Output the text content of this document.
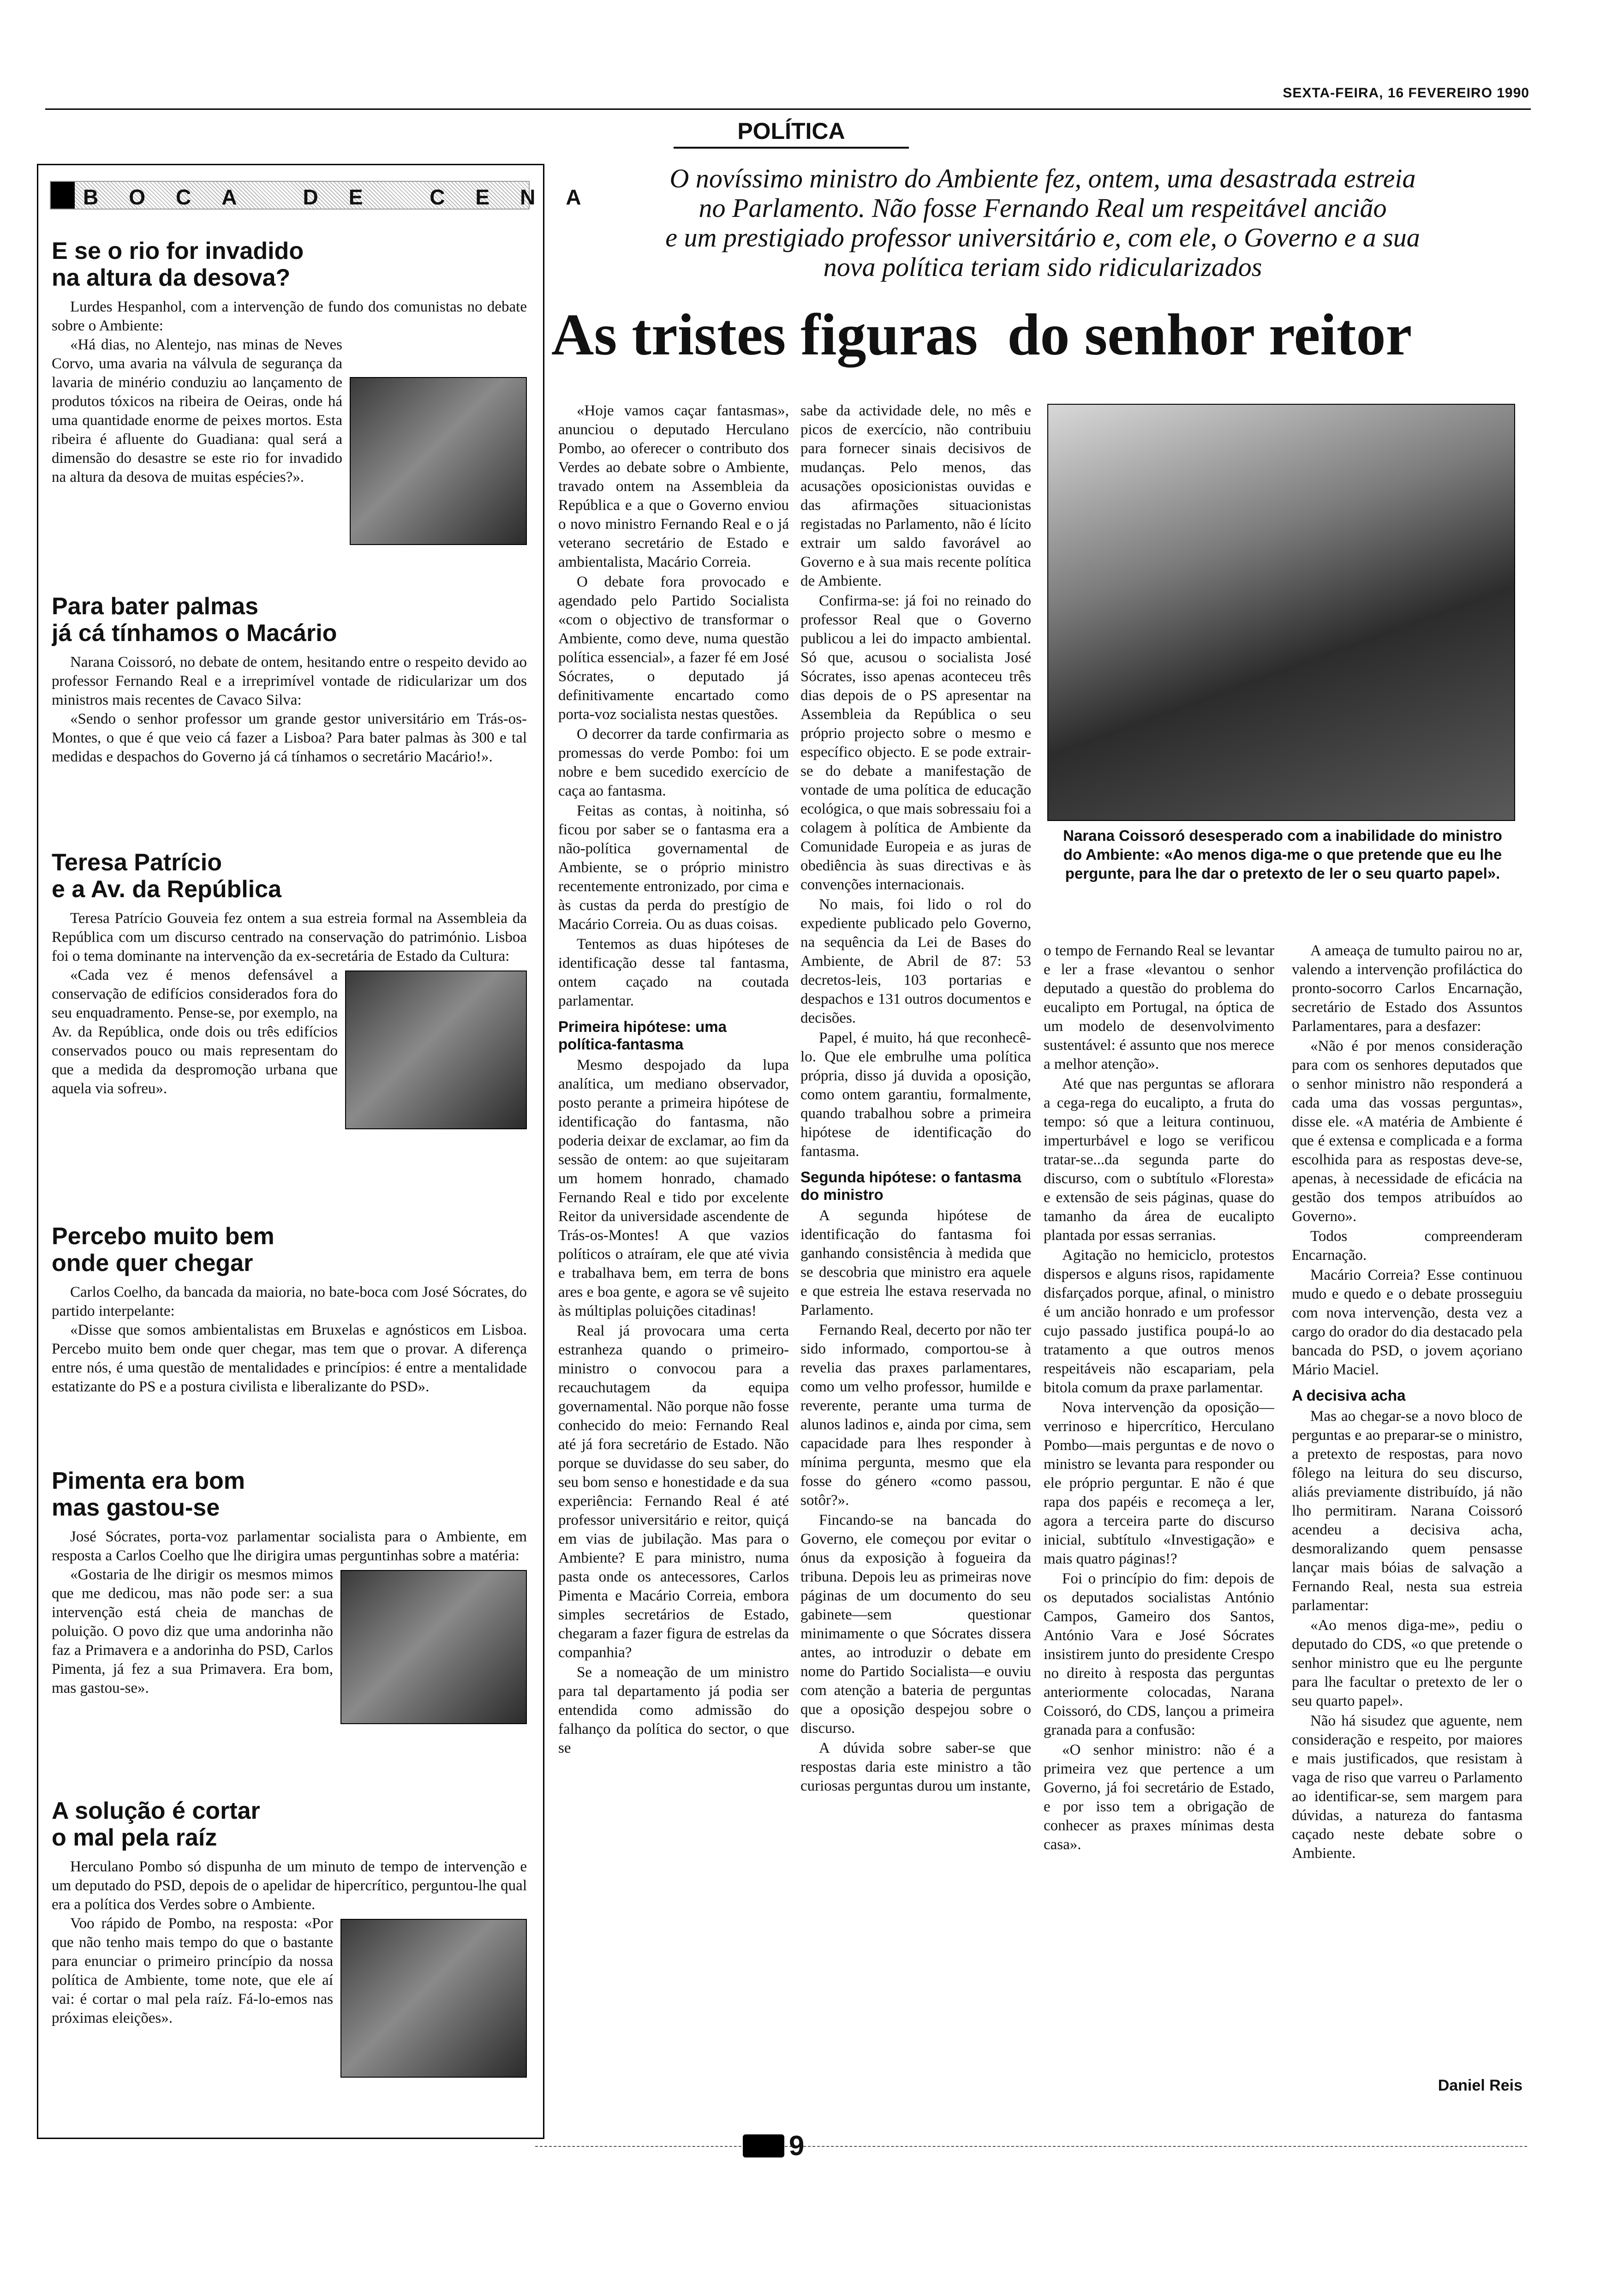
SEXTA-FEIRA, 16 FEVEREIRO 1990
POLÍTICA
BOCA DE CENA

E se o rio for invadido

na altura da desova?

Lurdes Hespanhol, com a intervenção de fundo dos comunistas no debate sobre o Ambiente:

«Há dias, no Alentejo, nas minas de Neves Corvo, uma avaria na válvula de segurança da lavaria de minério conduziu ao lançamento de produtos tóxicos na ribeira de Oeiras, onde há uma quantidade enorme de peixes mortos. Esta ribeira é afluente do Guadiana: qual será a dimensão do desastre se este rio for invadido na altura da desova de muitas espécies?».

Para bater palmas

já cá tínhamos o Macário

Narana Coissoró, no debate de ontem, hesitando entre o respeito devido ao professor Fernando Real e a irreprimível vontade de ridicularizar um dos ministros mais recentes de Cavaco Silva:

«Sendo o senhor professor um grande gestor universitário em Trás-os-Montes, o que é que veio cá fazer a Lisboa? Para bater palmas às 300 e tal medidas e despachos do Governo já cá tínhamos o secretário Macário!».

Teresa Patrício

e a Av. da República

Teresa Patrício Gouveia fez ontem a sua estreia formal na Assembleia da República com um discurso centrado na conservação do património. Lisboa foi o tema dominante na intervenção da ex-secretária de Estado da Cultura:

«Cada vez é menos defensável a conservação de edifícios considerados fora do seu enquadramento. Pense-se, por exemplo, na Av. da República, onde dois ou três edifícios conservados pouco ou mais representam do que a medida da despromoção urbana que aquela via sofreu».

Percebo muito bem

onde quer chegar

Carlos Coelho, da bancada da maioria, no bate-boca com José Sócrates, do partido interpelante:

«Disse que somos ambientalistas em Bruxelas e agnósticos em Lisboa. Percebo muito bem onde quer chegar, mas tem que o provar. A diferença entre nós, é uma questão de mentalidades e princípios: é entre a mentalidade estatizante do PS e a postura civilista e liberalizante do PSD».

Pimenta era bom

mas gastou-se

José Sócrates, porta-voz parlamentar socialista para o Ambiente, em resposta a Carlos Coelho que lhe dirigira umas perguntinhas sobre a matéria:

«Gostaria de lhe dirigir os mesmos mimos que me dedicou, mas não pode ser: a sua intervenção está cheia de manchas de poluição. O povo diz que uma andorinha não faz a Primavera e a andorinha do PSD, Carlos Pimenta, já fez a sua Primavera. Era bom, mas gastou-se».

A solução é cortar

o mal pela raíz

Herculano Pombo só dispunha de um minuto de tempo de intervenção e um deputado do PSD, depois de o apelidar de hipercrítico, perguntou-lhe qual era a política dos Verdes sobre o Ambiente.

Voo rápido de Pombo, na resposta: «Por que não tenho mais tempo do que o bastante para enunciar o primeiro princípio da nossa política de Ambiente, tome note, que ele aí vai: é cortar o mal pela raíz. Fá-lo-emos nas próximas eleições».

O novíssimo ministro do Ambiente fez, ontem, uma desastrada estreia
no Parlamento. Não fosse Fernando Real um respeitável ancião
e um prestigiado professor universitário e, com ele, o Governo e a sua
nova política teriam sido ridicularizados
As tristes figuras  do senhor reitor
Narana Coissoró desesperado com a inabilidade do ministro do Ambiente: «Ao menos diga-me o que pretende que eu lhe pergunte, para lhe dar o pretexto de ler o seu quarto papel».

«Hoje vamos caçar fantasmas», anunciou o deputado Herculano Pombo, ao oferecer o contributo dos Verdes ao debate sobre o Ambiente, travado ontem na Assembleia da República e a que o Governo enviou o novo ministro Fernando Real e o já veterano secretário de Estado e ambientalista, Macário Correia.

O debate fora provocado e agendado pelo Partido Socialista «com o objectivo de transformar o Ambiente, como deve, numa questão política essencial», a fazer fé em José Sócrates, o deputado já definitivamente encartado como porta-voz socialista nestas questões.

O decorrer da tarde confirmaria as promessas do verde Pombo: foi um nobre e bem sucedido exercício de caça ao fantasma.

Feitas as contas, à noitinha, só ficou por saber se o fantasma era a não-política governamental de Ambiente, se o próprio ministro recentemente entronizado, por cima e às custas da perda do prestígio de Macário Correia. Ou as duas coisas.

Tentemos as duas hipóteses de identificação desse tal fantasma, ontem caçado na coutada parlamentar.

Primeira hipótese: uma política-fantasma

Mesmo despojado da lupa analítica, um mediano observador, posto perante a primeira hipótese de identificação do fantasma, não poderia deixar de exclamar, ao fim da sessão de ontem: ao que sujeitaram um homem honrado, chamado Fernando Real e tido por excelente Reitor da universidade ascendente de Trás-os-Montes! A que vazios políticos o atraíram, ele que até vivia e trabalhava bem, em terra de bons ares e boa gente, e agora se vê sujeito às múltiplas poluições citadinas!

Real já provocara uma certa estranheza quando o primeiro-ministro o convocou para a recauchutagem da equipa governamental. Não porque não fosse conhecido do meio: Fernando Real até já fora secretário de Estado. Não porque se duvidasse do seu saber, do seu bom senso e honestidade e da sua experiência: Fernando Real é até professor universitário e reitor, quiçá em vias de jubilação. Mas para o Ambiente? E para ministro, numa pasta onde os antecessores, Carlos Pimenta e Macário Correia, embora simples secretários de Estado, chegaram a fazer figura de estrelas da companhia?

Se a nomeação de um ministro para tal departamento já podia ser entendida como admissão do falhanço da política do sector, o que se

sabe da actividade dele, no mês e picos de exercício, não contribuiu para fornecer sinais decisivos de mudanças. Pelo menos, das acusações oposicionistas ouvidas e das afirmações situacionistas registadas no Parlamento, não é lícito extrair um saldo favorável ao Governo e à sua mais recente política de Ambiente.

Confirma-se: já foi no reinado do professor Real que o Governo publicou a lei do impacto ambiental. Só que, acusou o socialista José Sócrates, isso apenas aconteceu três dias depois de o PS apresentar na Assembleia da República o seu próprio projecto sobre o mesmo e específico objecto. E se pode extrair-se do debate a manifestação de vontade de uma política de educação ecológica, o que mais sobressaiu foi a colagem à política de Ambiente da Comunidade Europeia e as juras de obediência às suas directivas e às convenções internacionais.

No mais, foi lido o rol do expediente publicado pelo Governo, na sequência da Lei de Bases do Ambiente, de Abril de 87: 53 decretos-leis, 103 portarias e despachos e 131 outros documentos e decisões.

Papel, é muito, há que reconhecê-lo. Que ele embrulhe uma política própria, disso já duvida a oposição, como ontem garantiu, formalmente, quando trabalhou sobre a primeira hipótese de identificação do fantasma.

Segunda hipótese: o fantasma do ministro

A segunda hipótese de identificação do fantasma foi ganhando consistência à medida que se descobria que ministro era aquele e que estreia lhe estava reservada no Parlamento.

Fernando Real, decerto por não ter sido informado, comportou-se à revelia das praxes parlamentares, como um velho professor, humilde e reverente, perante uma turma de alunos ladinos e, ainda por cima, sem capacidade para lhes responder à mínima pergunta, mesmo que ela fosse do género «como passou, sotôr?».

Fincando-se na bancada do Governo, ele começou por evitar o ónus da exposição à fogueira da tribuna. Depois leu as primeiras nove páginas de um documento do seu gabinete—sem questionar minimamente o que Sócrates dissera antes, ao introduzir o debate em nome do Partido Socialista—e ouviu com atenção a bateria de perguntas que a oposição despejou sobre o discurso.

A dúvida sobre saber-se que respostas daria este ministro a tão curiosas perguntas durou um instante,

o tempo de Fernando Real se levantar e ler a frase «levantou o senhor deputado a questão do problema do eucalipto em Portugal, na óptica de um modelo de desenvolvimento sustentável: é assunto que nos merece a melhor atenção».

Até que nas perguntas se aflorara a cega-rega do eucalipto, a fruta do tempo: só que a leitura continuou, imperturbável e logo se verificou tratar-se...da segunda parte do discurso, com o subtítulo «Floresta» e extensão de seis páginas, quase do tamanho da área de eucalipto plantada por essas serranias.

Agitação no hemiciclo, protestos dispersos e alguns risos, rapidamente disfarçados porque, afinal, o ministro é um ancião honrado e um professor cujo passado justifica poupá-lo ao tratamento a que outros menos respeitáveis não escapariam, pela bitola comum da praxe parlamentar.

Nova intervenção da oposição—verrinoso e hipercrítico, Herculano Pombo—mais perguntas e de novo o ministro se levanta para responder ou ele próprio perguntar. E não é que rapa dos papéis e recomeça a ler, agora a terceira parte do discurso inicial, subtítulo «Investigação» e mais quatro páginas!?

Foi o princípio do fim: depois de os deputados socialistas António Campos, Gameiro dos Santos, António Vara e José Sócrates insistirem junto do presidente Crespo no direito à resposta das perguntas anteriormente colocadas, Narana Coissoró, do CDS, lançou a primeira granada para a confusão:

«O senhor ministro: não é a primeira vez que pertence a um Governo, já foi secretário de Estado, e por isso tem a obrigação de conhecer as praxes mínimas desta casa».

A ameaça de tumulto pairou no ar, valendo a intervenção profiláctica do pronto-socorro Carlos Encarnação, secretário de Estado dos Assuntos Parlamentares, para a desfazer:

«Não é por menos consideração para com os senhores deputados que o senhor ministro não responderá a cada uma das vossas perguntas», disse ele. «A matéria de Ambiente é que é extensa e complicada e a forma escolhida para as respostas deve-se, apenas, à necessidade de eficácia na gestão dos tempos atribuídos ao Governo».

Todos compreenderam Encarnação.

Macário Correia? Esse continuou mudo e quedo e o debate prosseguiu com nova intervenção, desta vez a cargo do orador do dia destacado pela bancada do PSD, o jovem açoriano Mário Maciel.

A decisiva acha

Mas ao chegar-se a novo bloco de perguntas e ao preparar-se o ministro, a pretexto de respostas, para novo fôlego na leitura do seu discurso, aliás previamente distribuído, já não lho permitiram. Narana Coissoró acendeu a decisiva acha, desmoralizando quem pensasse lançar mais bóias de salvação a Fernando Real, nesta sua estreia parlamentar:

«Ao menos diga-me», pediu o deputado do CDS, «o que pretende o senhor ministro que eu lhe pergunte para lhe facultar o pretexto de ler o seu quarto papel».

Não há sisudez que aguente, nem consideração e respeito, por maiores e mais justificados, que resistam à vaga de riso que varreu o Parlamento ao identificar-se, sem margem para dúvidas, a natureza do fantasma caçado neste debate sobre o Ambiente.

Daniel Reis
9
